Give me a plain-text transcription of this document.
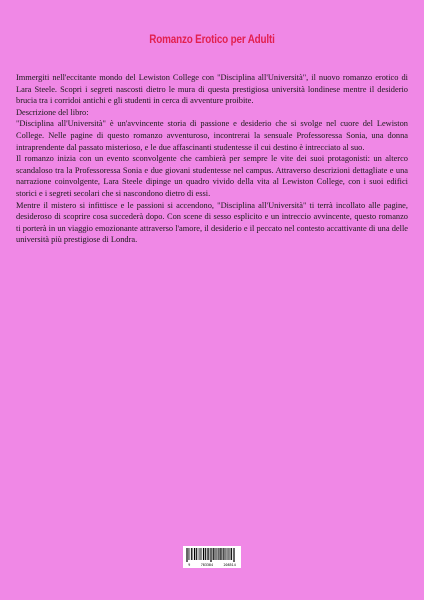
Romanzo Erotico per Adulti

Immergiti nell'eccitante mondo del Lewiston College con "Disciplina all'Università", il nuovo romanzo erotico di Lara Steele. Scopri i segreti nascosti dietro le mura di questa prestigiosa università londinese mentre il desiderio brucia tra i corridoi antichi e gli studenti in cerca di avventure proibite.

Descrizione del libro:

"Disciplina all'Università" è un'avvincente storia di passione e desiderio che si svolge nel cuore del Lewiston College. Nelle pagine di questo romanzo avventuroso, incontrerai la sensuale Professoressa Sonia, una donna intraprendente dal passato misterioso, e le due affascinanti studentesse il cui destino è intrecciato al suo.

Il romanzo inizia con un evento sconvolgente che cambierà per sempre le vite dei suoi protagonisti: un alterco scandaloso tra la Professoressa Sonia e due giovani studentesse nel campus. Attraverso descrizioni dettagliate e una narrazione coinvolgente, Lara Steele dipinge un quadro vivido della vita al Lewiston College, con i suoi edifici storici e i segreti secolari che si nascondono dietro di essi.

Mentre il mistero si infittisce e le passioni si accendono, "Disciplina all'Università" ti terrà incollato alle pagine, desideroso di scoprire cosa succederà dopo. Con scene di sesso esplicito e un intreccio avvincente, questo romanzo ti porterà in un viaggio emozionante attraverso l'amore, il desiderio e il peccato nel contesto accattivante di una delle università più prestigiose di Londra.

9	783384	208514
